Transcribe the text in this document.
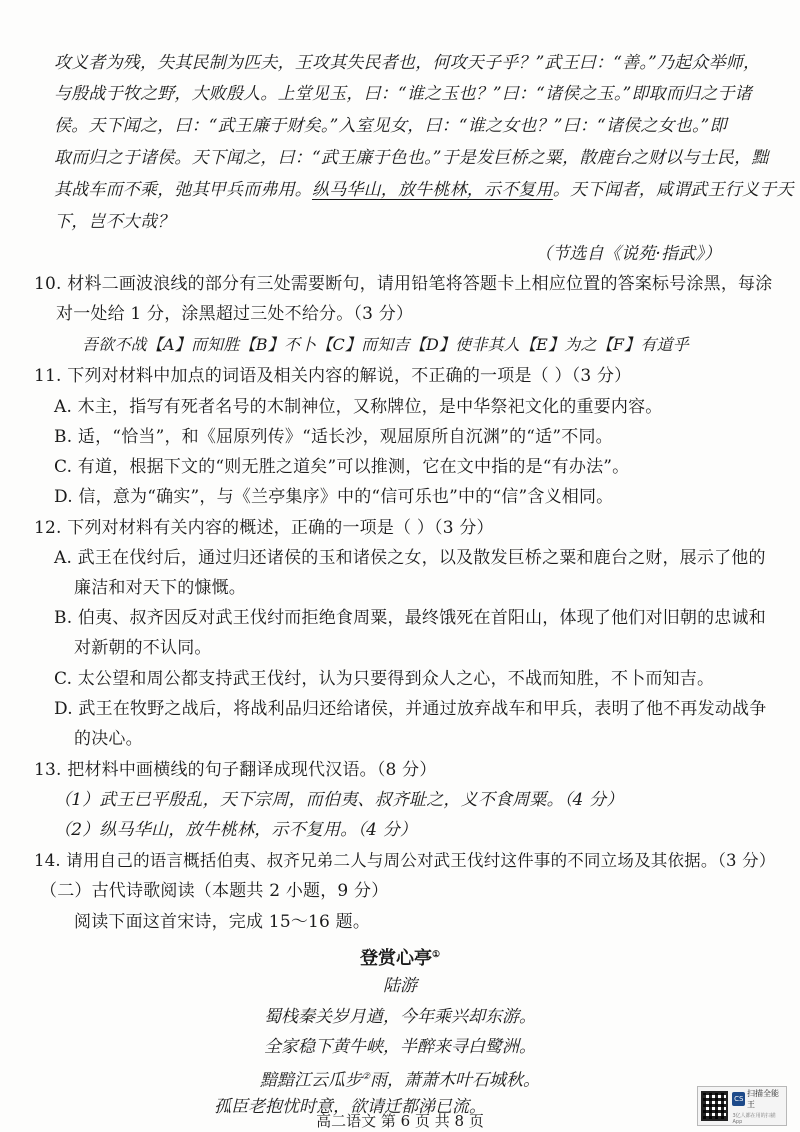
攻义者为残，失其民制为匹夫，王攻其失民者也，何攻天子乎？”武王曰：“善。”乃起众举师，
与殷战于牧之野，大败殷人。上堂见玉，曰：“谁之玉也？”曰：“诸侯之玉。”即取而归之于诸
侯。天下闻之，曰：“武王廉于财矣。”入室见女，曰：“谁之女也？”曰：“诸侯之女也。”即
取而归之于诸侯。天下闻之，曰：“武王廉于色也。”于是发巨桥之粟，散鹿台之财以与士民，黜
其战车而不乘，弛其甲兵而弗用。纵马华山，放牛桃林，示不复用。天下闻者，咸谓武王行义于天
下，岂不大哉？
（节选自《说苑·指武》）
10. 材料二画波浪线的部分有三处需要断句，请用铅笔将答题卡上相应位置的答案标号涂黑，每涂
对一处给 1 分，涂黑超过三处不给分。（3 分）
吾欲不战【A】而知胜【B】不卜【C】而知吉【D】使非其人【E】为之【F】有道乎
11. 下列对材料中加点的词语及相关内容的解说，不正确的一项是（ ）（3 分）
A. 木主，指写有死者名号的木制神位，又称牌位，是中华祭祀文化的重要内容。
B. 适，“恰当”，和《屈原列传》“适长沙，观屈原所自沉渊”的“适”不同。
C. 有道，根据下文的“则无胜之道矣”可以推测，它在文中指的是“有办法”。
D. 信，意为“确实”，与《兰亭集序》中的“信可乐也”中的“信”含义相同。
12. 下列对材料有关内容的概述，正确的一项是（ ）（3 分）
A. 武王在伐纣后，通过归还诸侯的玉和诸侯之女，以及散发巨桥之粟和鹿台之财，展示了他的
廉洁和对天下的慷慨。
B. 伯夷、叔齐因反对武王伐纣而拒绝食周粟，最终饿死在首阳山，体现了他们对旧朝的忠诚和
对新朝的不认同。
C. 太公望和周公都支持武王伐纣，认为只要得到众人之心，不战而知胜，不卜而知吉。
D. 武王在牧野之战后，将战利品归还给诸侯，并通过放弃战车和甲兵，表明了他不再发动战争
的决心。
13. 把材料中画横线的句子翻译成现代汉语。（8 分）
（1）武王已平殷乱，天下宗周，而伯夷、叔齐耻之，义不食周粟。（4 分）
（2）纵马华山，放牛桃林，示不复用。（4 分）
14. 请用自己的语言概括伯夷、叔齐兄弟二人与周公对武王伐纣这件事的不同立场及其依据。（3 分）
（二）古代诗歌阅读（本题共 2 小题，9 分）
阅读下面这首宋诗，完成 15～16 题。
登赏心亭①
陆游
蜀栈秦关岁月遒，今年乘兴却东游。
全家稳下黄牛峡，半醉来寻白鹭洲。
黯黯江云瓜步②雨，萧萧木叶石城秋。
孤臣老抱忧时意，欲请迁都涕已流。
高二语文 第 6 页 共 8 页
CS
扫描全能王
3亿人都在用的扫描App
